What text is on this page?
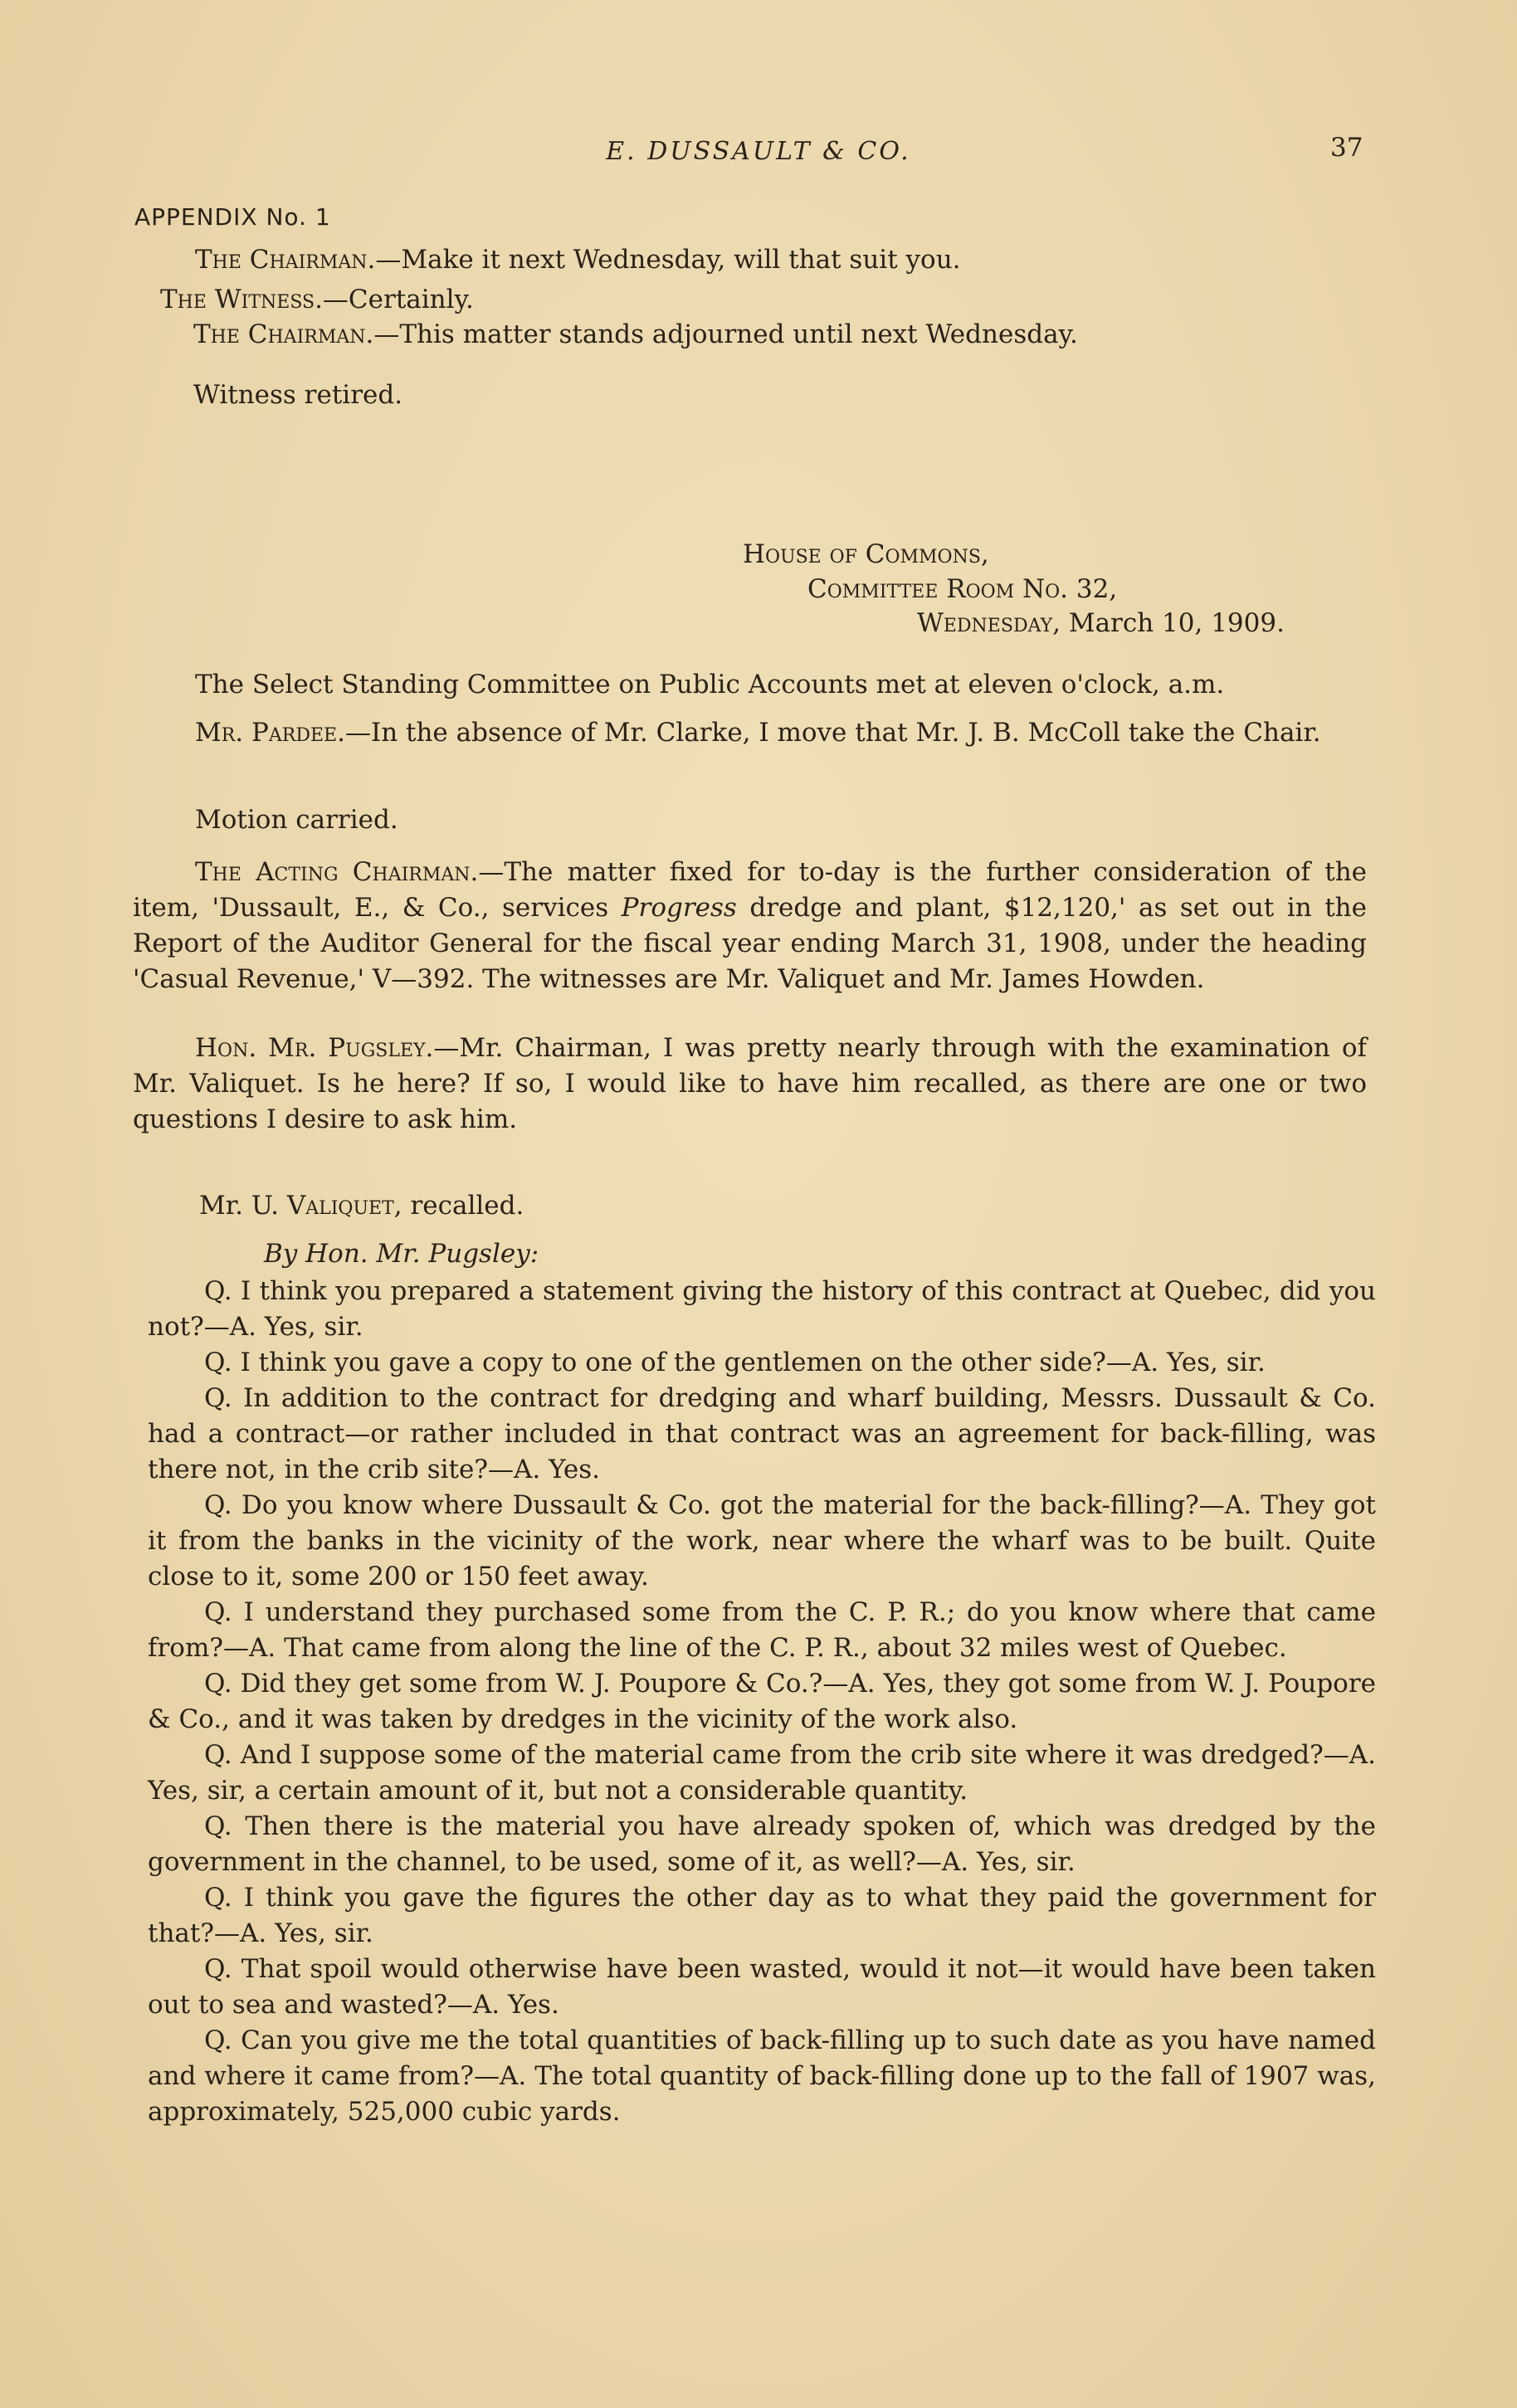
E. DUSSAULT & CO.	37
APPENDIX No. 1
The Chairman.—Make it next Wednesday, will that suit you.
The Witness.—Certainly.
The Chairman.—This matter stands adjourned until next Wednesday.
Witness retired.
House of Commons,
Committee Room No. 32,
Wednesday, March 10, 1909.
The Select Standing Committee on Public Accounts met at eleven o'clock, a.m.
Mr. Pardee.—In the absence of Mr. Clarke, I move that Mr. J. B. McColl take the Chair.
Motion carried.
The Acting Chairman.—The matter fixed for to-day is the further consideration of the item, 'Dussault, E., & Co., services Progress dredge and plant, $12,120,' as set out in the Report of the Auditor General for the fiscal year ending March 31, 1908, under the heading 'Casual Revenue,' V—392. The witnesses are Mr. Valiquet and Mr. James Howden.
Hon. Mr. Pugsley.—Mr. Chairman, I was pretty nearly through with the examination of Mr. Valiquet. Is he here? If so, I would like to have him recalled, as there are one or two questions I desire to ask him.
Mr. U. Valiquet, recalled.
By Hon. Mr. Pugsley:

Q. I think you prepared a statement giving the history of this contract at Quebec, did you not?—A. Yes, sir.

Q. I think you gave a copy to one of the gentlemen on the other side?—A. Yes, sir.

Q. In addition to the contract for dredging and wharf building, Messrs. Dussault & Co. had a contract—or rather included in that contract was an agreement for back-filling, was there not, in the crib site?—A. Yes.

Q. Do you know where Dussault & Co. got the material for the back-filling?—A. They got it from the banks in the vicinity of the work, near where the wharf was to be built. Quite close to it, some 200 or 150 feet away.

Q. I understand they purchased some from the C. P. R.; do you know where that came from?—A. That came from along the line of the C. P. R., about 32 miles west of Quebec.

Q. Did they get some from W. J. Poupore & Co.?—A. Yes, they got some from W. J. Poupore & Co., and it was taken by dredges in the vicinity of the work also.

Q. And I suppose some of the material came from the crib site where it was dredged?—A. Yes, sir, a certain amount of it, but not a considerable quantity.

Q. Then there is the material you have already spoken of, which was dredged by the government in the channel, to be used, some of it, as well?—A. Yes, sir.

Q. I think you gave the figures the other day as to what they paid the government for that?—A. Yes, sir.

Q. That spoil would otherwise have been wasted, would it not—it would have been taken out to sea and wasted?—A. Yes.

Q. Can you give me the total quantities of back-filling up to such date as you have named and where it came from?—A. The total quantity of back-filling done up to the fall of 1907 was, approximately, 525,000 cubic yards.
